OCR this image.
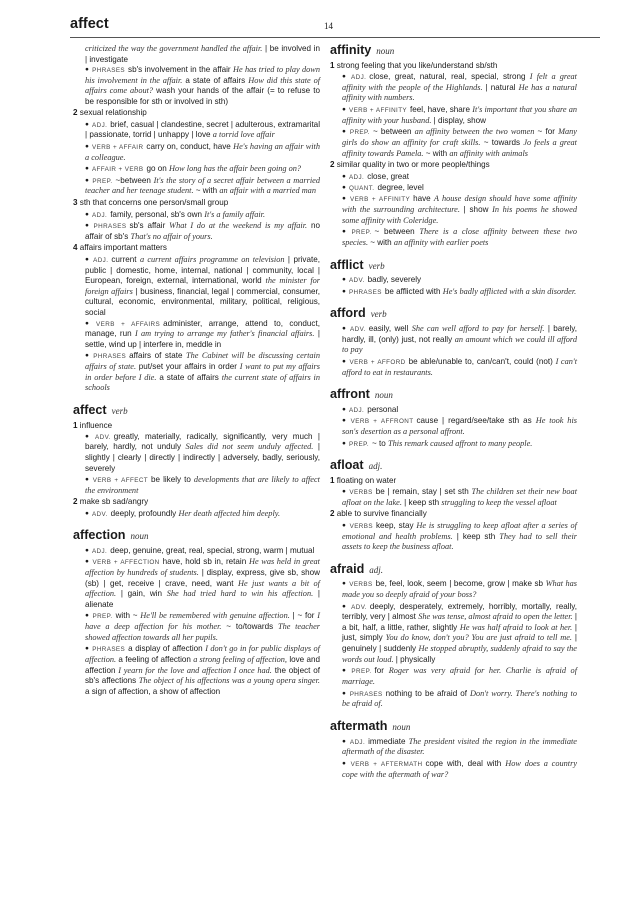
affect	14
criticized the way the government handled the affair. | be involved in | investigate
● PHRASES sb's involvement in the affair He has tried to play down his involvement in the affair. a state of affairs How did this state of affairs come about? wash your hands of the affair (= to refuse to be responsible for sth or involved in sth)
2 sexual relationship
● ADJ. brief, casual | clandestine, secret | adulterous, extramarital | passionate, torrid | unhappy | love a torrid love affair
● VERB + AFFAIR carry on, conduct, have He's having an affair with a colleague.
● AFFAIR + VERB go on How long has the affair been going on?
● PREP. ~between It's the story of a secret affair between a married teacher and her teenage student. ~ with an affair with a married man
3 sth that concerns one person/small group
● ADJ. family, personal, sb's own It's a family affair.
● PHRASES sb's affair What I do at the weekend is my affair. no affair of sb's That's no affair of yours.
4 affairs important matters
● ADJ. current a current affairs programme on television | private, public | domestic, home, internal, national | community, local | European, foreign, external, international, world the minister for foreign affairs | business, financial, legal | commercial, consumer, cultural, economic, environmental, military, political, religious, social
● VERB + AFFAIRS administer, arrange, attend to, conduct, manage, run I am trying to arrange my father's financial affairs. | settle, wind up | interfere in, meddle in
● PHRASES affairs of state The Cabinet will be discussing certain affairs of state. put/set your affairs in order I want to put my affairs in order before I die. a state of affairs the current state of affairs in schools
affect verb
1 influence
● ADV. greatly, materially, radically, significantly, very much | barely, hardly, not unduly Sales did not seem unduly affected. | slightly | clearly | directly | indirectly | adversely, badly, seriously, severely
● VERB + AFFECT be likely to developments that are likely to affect the environment
2 make sb sad/angry
● ADV. deeply, profoundly Her death affected him deeply.
affection noun
● ADJ. deep, genuine, great, real, special, strong, warm | mutual
● VERB + AFFECTION have, hold sb in, retain He was held in great affection by hundreds of students. | display, express, give sb, show (sb) | get, receive | crave, need, want He just wants a bit of affection. | gain, win She had tried hard to win his affection. | alienate
● PREP. with ~ He'll be remembered with genuine affection. | ~ for I have a deep affection for his mother. ~ to/towards The teacher showed affection towards all her pupils.
● PHRASES a display of affection I don't go in for public displays of affection. a feeling of affection a strong feeling of affection, love and affection I yearn for the love and affection I once had. the object of sb's affections The object of his affections was a young opera singer. a sign of affection, a show of affection
affinity noun
1 strong feeling that you like/understand sb/sth
● ADJ. close, great, natural, real, special, strong I felt a great affinity with the people of the Highlands. | natural He has a natural affinity with numbers.
● VERB + AFFINITY feel, have, share It's important that you share an affinity with your husband. | display, show
● PREP. ~ between an affinity between the two women ~ for Many girls do show an affinity for craft skills. ~ towards Jo feels a great affinity towards Pamela. ~ with an affinity with animals
2 similar quality in two or more people/things
● ADJ. close, great
● QUANT. degree, level
● VERB + AFFINITY have A house design should have some affinity with the surrounding architecture. | show In his poems he showed some affinity with Coleridge.
● PREP. ~ between There is a close affinity between these two species. ~ with an affinity with earlier poets
afflict verb
● ADV. badly, severely
● PHRASES be afflicted with He's badly afflicted with a skin disorder.
afford verb
● ADV. easily, well She can well afford to pay for herself. | barely, hardly, ill, (only) just, not really an amount which we could ill afford to pay
● VERB + AFFORD be able/unable to, can/can't, could (not) I can't afford to eat in restaurants.
affront noun
● ADJ. personal
● VERB + AFFRONT cause | regard/see/take sth as He took his son's desertion as a personal affront.
● PREP. ~ to This remark caused affront to many people.
afloat adj.
1 floating on water
● VERBS be | remain, stay | set sth The children set their new boat afloat on the lake. | keep sth struggling to keep the vessel afloat
2 able to survive financially
● VERBS keep, stay He is struggling to keep afloat after a series of emotional and health problems. | keep sth They had to sell their assets to keep the business afloat.
afraid adj.
● VERBS be, feel, look, seem | become, grow | make sb What has made you so deeply afraid of your boss?
● ADV. deeply, desperately, extremely, horribly, mortally, really, terribly, very | almost She was tense, almost afraid to open the letter. | a bit, half, a little, rather, slightly He was half afraid to look at her. | just, simply You do know, don't you? You are just afraid to tell me. | genuinely | suddenly He stopped abruptly, suddenly afraid to say the words out loud. | physically
● PREP. for Roger was very afraid for her. Charlie is afraid of marriage.
● PHRASES nothing to be afraid of Don't worry. There's nothing to be afraid of.
aftermath noun
● ADJ. immediate The president visited the region in the immediate aftermath of the disaster.
● VERB + AFTERMATH cope with, deal with How does a country cope with the aftermath of war?
